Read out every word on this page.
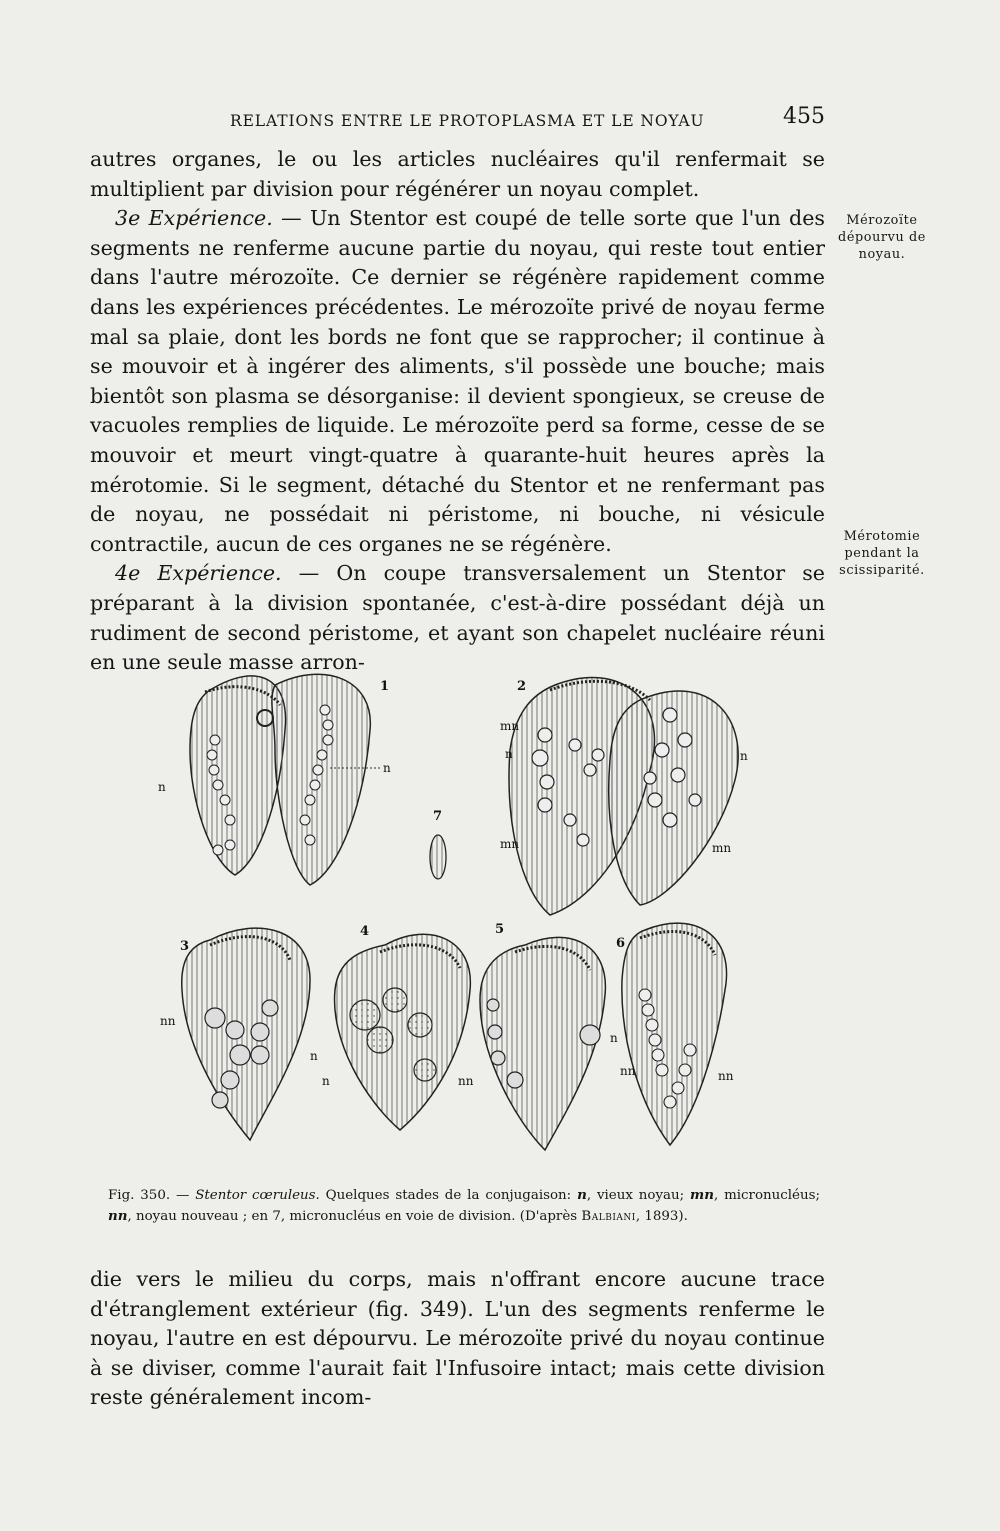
RELATIONS ENTRE LE PROTOPLASMA ET LE NOYAU	455

autres organes, le ou les articles nucléaires qu'il renfermait se multiplient par division pour régénérer un noyau complet.

3e Expérience. — Un Stentor est coupé de telle sorte que l'un des segments ne renferme aucune partie du noyau, qui reste tout entier dans l'autre mérozoïte. Ce dernier se régénère rapidement comme dans les expériences précédentes. Le mérozoïte privé de noyau ferme mal sa plaie, dont les bords ne font que se rapprocher; il continue à se mouvoir et à ingérer des aliments, s'il possède une bouche; mais bientôt son plasma se désorganise: il devient spongieux, se creuse de vacuoles remplies de liquide. Le mérozoïte perd sa forme, cesse de se mouvoir et meurt vingt-quatre à quarante-huit heures après la mérotomie. Si le segment, détaché du Stentor et ne renfermant pas de noyau, ne possédait ni péristome, ni bouche, ni vésicule contractile, aucun de ces organes ne se régénère.

4e Expérience. — On coupe transversalement un Stentor se préparant à la division spontanée, c'est-à-dire possédant déjà un rudiment de second péristome, et ayant son chapelet nucléaire réuni en une seule masse arron-

Mérozoïte
dépourvu de
noyau.
Mérotomie
pendant la
scissiparité.
1
n
n
7
2
mn
n	n
mn	mn
3
nn
n
4
n	nn
5
n
6
nn	nn
Fig. 350. — Stentor cœruleus. Quelques stades de la conjugaison: n, vieux noyau; mn, micronucléus; nn, noyau nouveau ; en 7, micronucléus en voie de division. (D'après Balbiani, 1893).

die vers le milieu du corps, mais n'offrant encore aucune trace d'étranglement extérieur (fig. 349). L'un des segments renferme le noyau, l'autre en est dépourvu. Le mérozoïte privé du noyau continue à se diviser, comme l'aurait fait l'Infusoire intact; mais cette division reste généralement incom-
